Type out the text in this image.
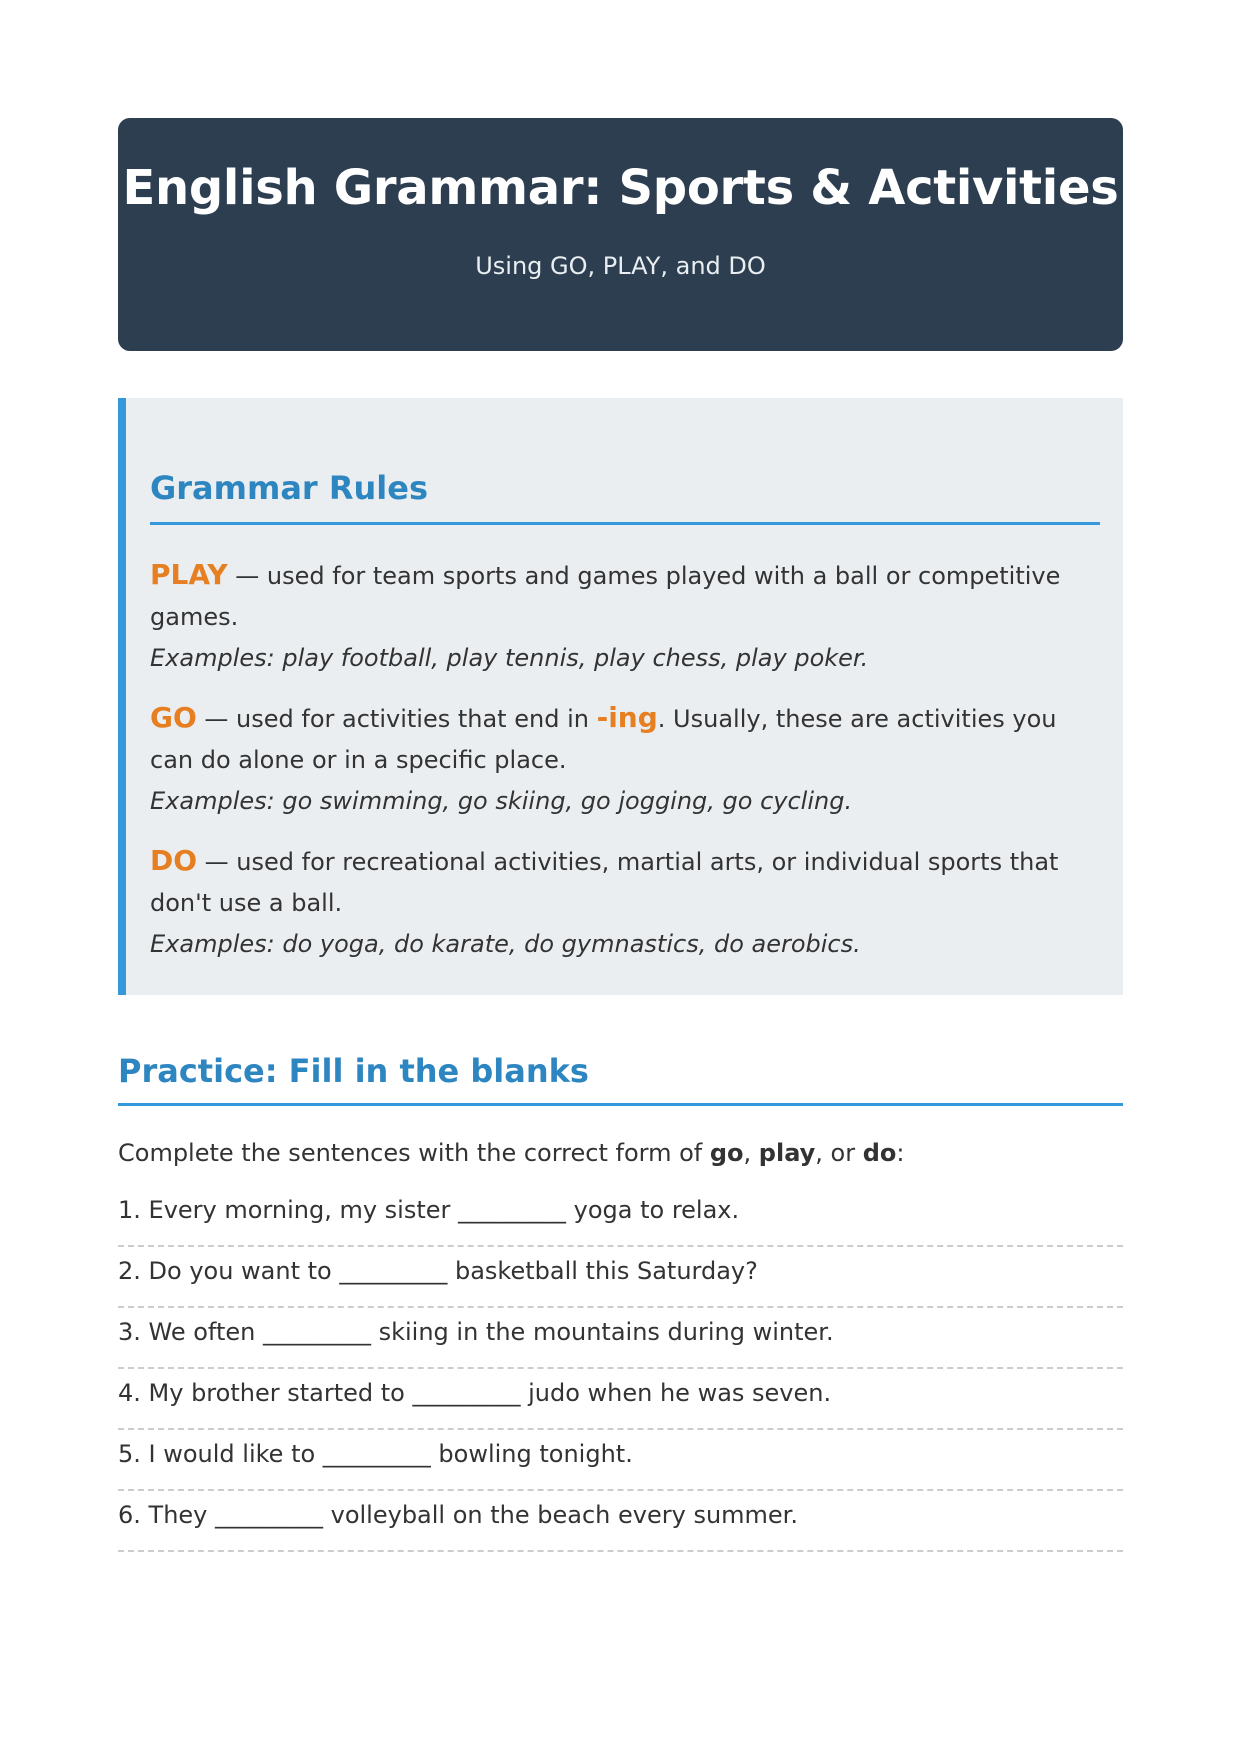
English Grammar: Sports & Activities
Using GO, PLAY, and DO
Grammar Rules
PLAY — used for team sports and games played with a ball or competitive games.
Examples: play football, play tennis, play chess, play poker.
GO — used for activities that end in -ing. Usually, these are activities you can do alone or in a specific place.
Examples: go swimming, go skiing, go jogging, go cycling.
DO — used for recreational activities, martial arts, or individual sports that don't use a ball.
Examples: do yoga, do karate, do gymnastics, do aerobics.
Practice: Fill in the blanks
Complete the sentences with the correct form of go, play, or do:
1. Every morning, my sister _________ yoga to relax.
2. Do you want to _________ basketball this Saturday?
3. We often _________ skiing in the mountains during winter.
4. My brother started to _________ judo when he was seven.
5. I would like to _________ bowling tonight.
6. They _________ volleyball on the beach every summer.
